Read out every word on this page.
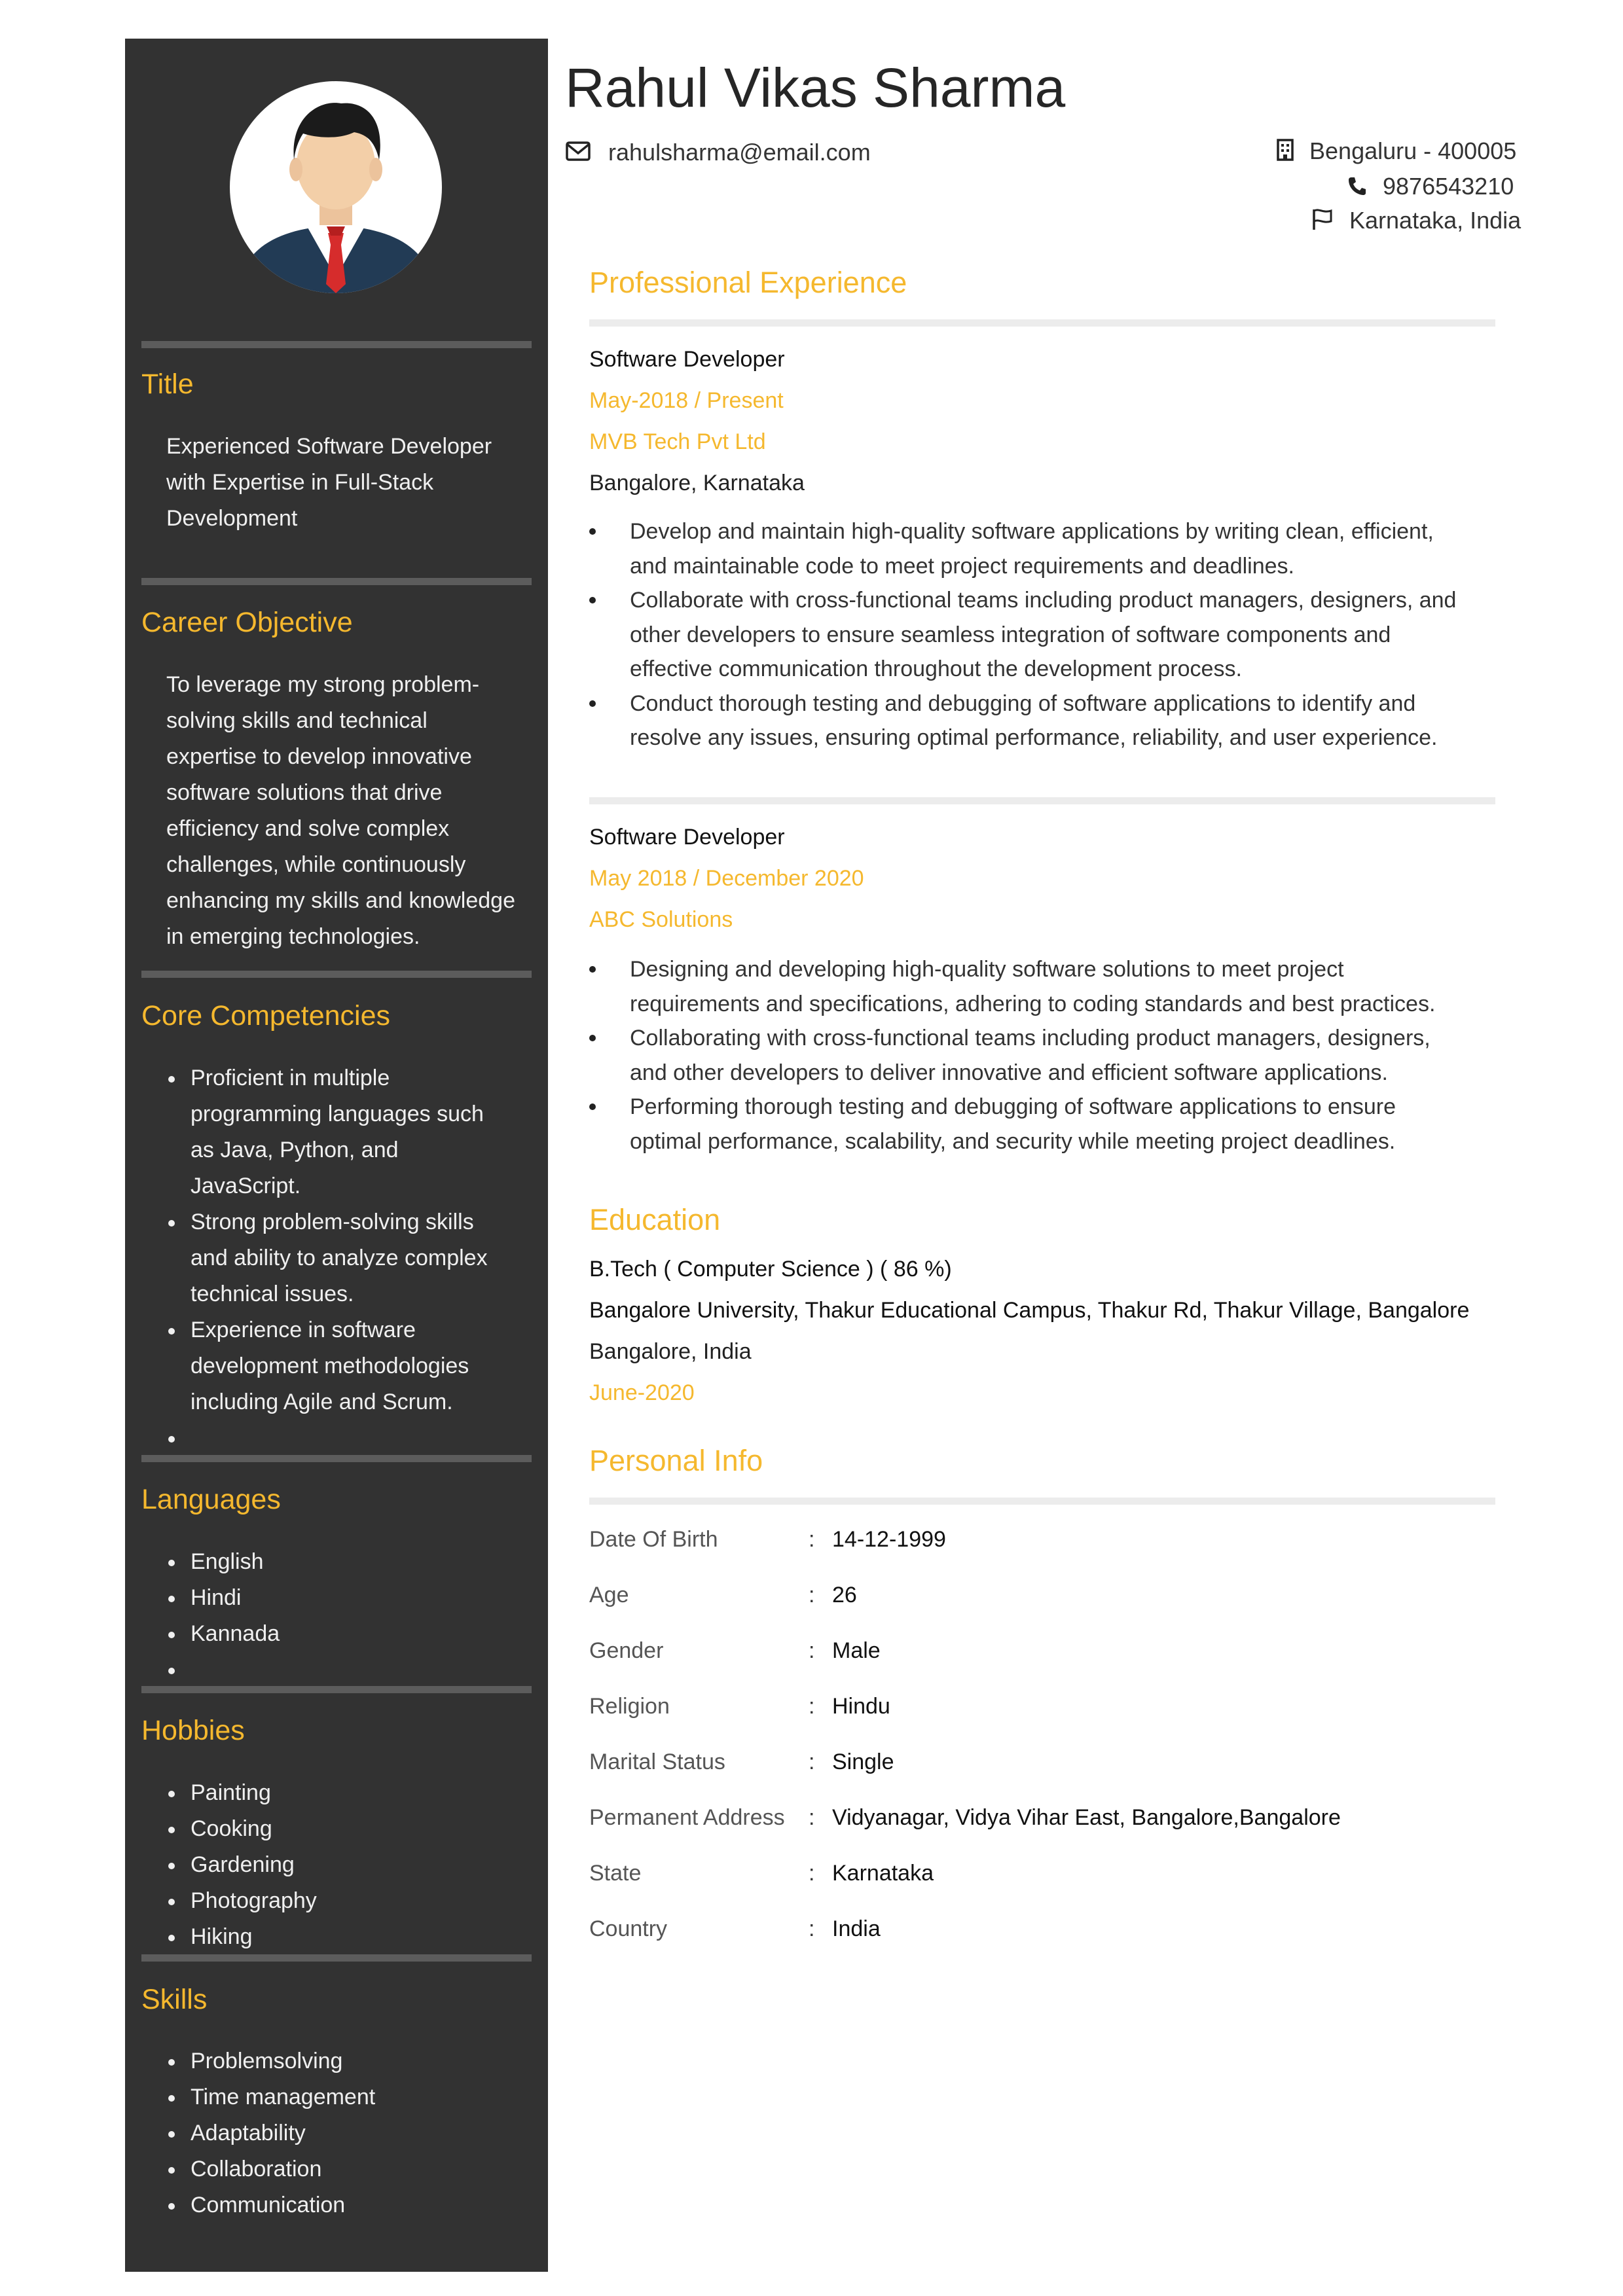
Title
Experienced Software Developer
with Expertise in Full-Stack
Development
Career Objective
To leverage my strong problem-
solving skills and technical
expertise to develop innovative
software solutions that drive
efficiency and solve complex
challenges, while continuously
enhancing my skills and knowledge
in emerging technologies.
Core Competencies
Proficient in multiple
programming languages such
as Java, Python, and
JavaScript.
Strong problem-solving skills
and ability to analyze complex
technical issues.
Experience in software
development methodologies
including Agile and Scrum.
Languages
English
Hindi
Kannada
Hobbies
Painting
Cooking
Gardening
Photography
Hiking
Skills
Problemsolving
Time management
Adaptability
Collaboration
Communication
Rahul Vikas Sharma
rahulsharma@email.com	Bengaluru - 400005
9876543210
Karnataka, India
Professional Experience
Software Developer
May-2018 / Present
MVB Tech Pvt Ltd
Bangalore, Karnataka
Develop and maintain high-quality software applications by writing clean, efficient,
and maintainable code to meet project requirements and deadlines.
Collaborate with cross-functional teams including product managers, designers, and
other developers to ensure seamless integration of software components and
effective communication throughout the development process.
Conduct thorough testing and debugging of software applications to identify and
resolve any issues, ensuring optimal performance, reliability, and user experience.
Software Developer
May 2018 / December 2020
ABC Solutions
Designing and developing high-quality software solutions to meet project
requirements and specifications, adhering to coding standards and best practices.
Collaborating with cross-functional teams including product managers, designers,
and other developers to deliver innovative and efficient software applications.
Performing thorough testing and debugging of software applications to ensure
optimal performance, scalability, and security while meeting project deadlines.
Education
B.Tech ( Computer Science ) ( 86 %)
Bangalore University, Thakur Educational Campus, Thakur Rd, Thakur Village, Bangalore
Bangalore, India
June-2020
Personal Info
Date Of Birth	: 14-12-1999
Age	: 26
Gender	: Male
Religion	: Hindu
Marital Status	: Single
Permanent Address : Vidyanagar, Vidya Vihar East, Bangalore,Bangalore
State	: Karnataka
Country	: India
